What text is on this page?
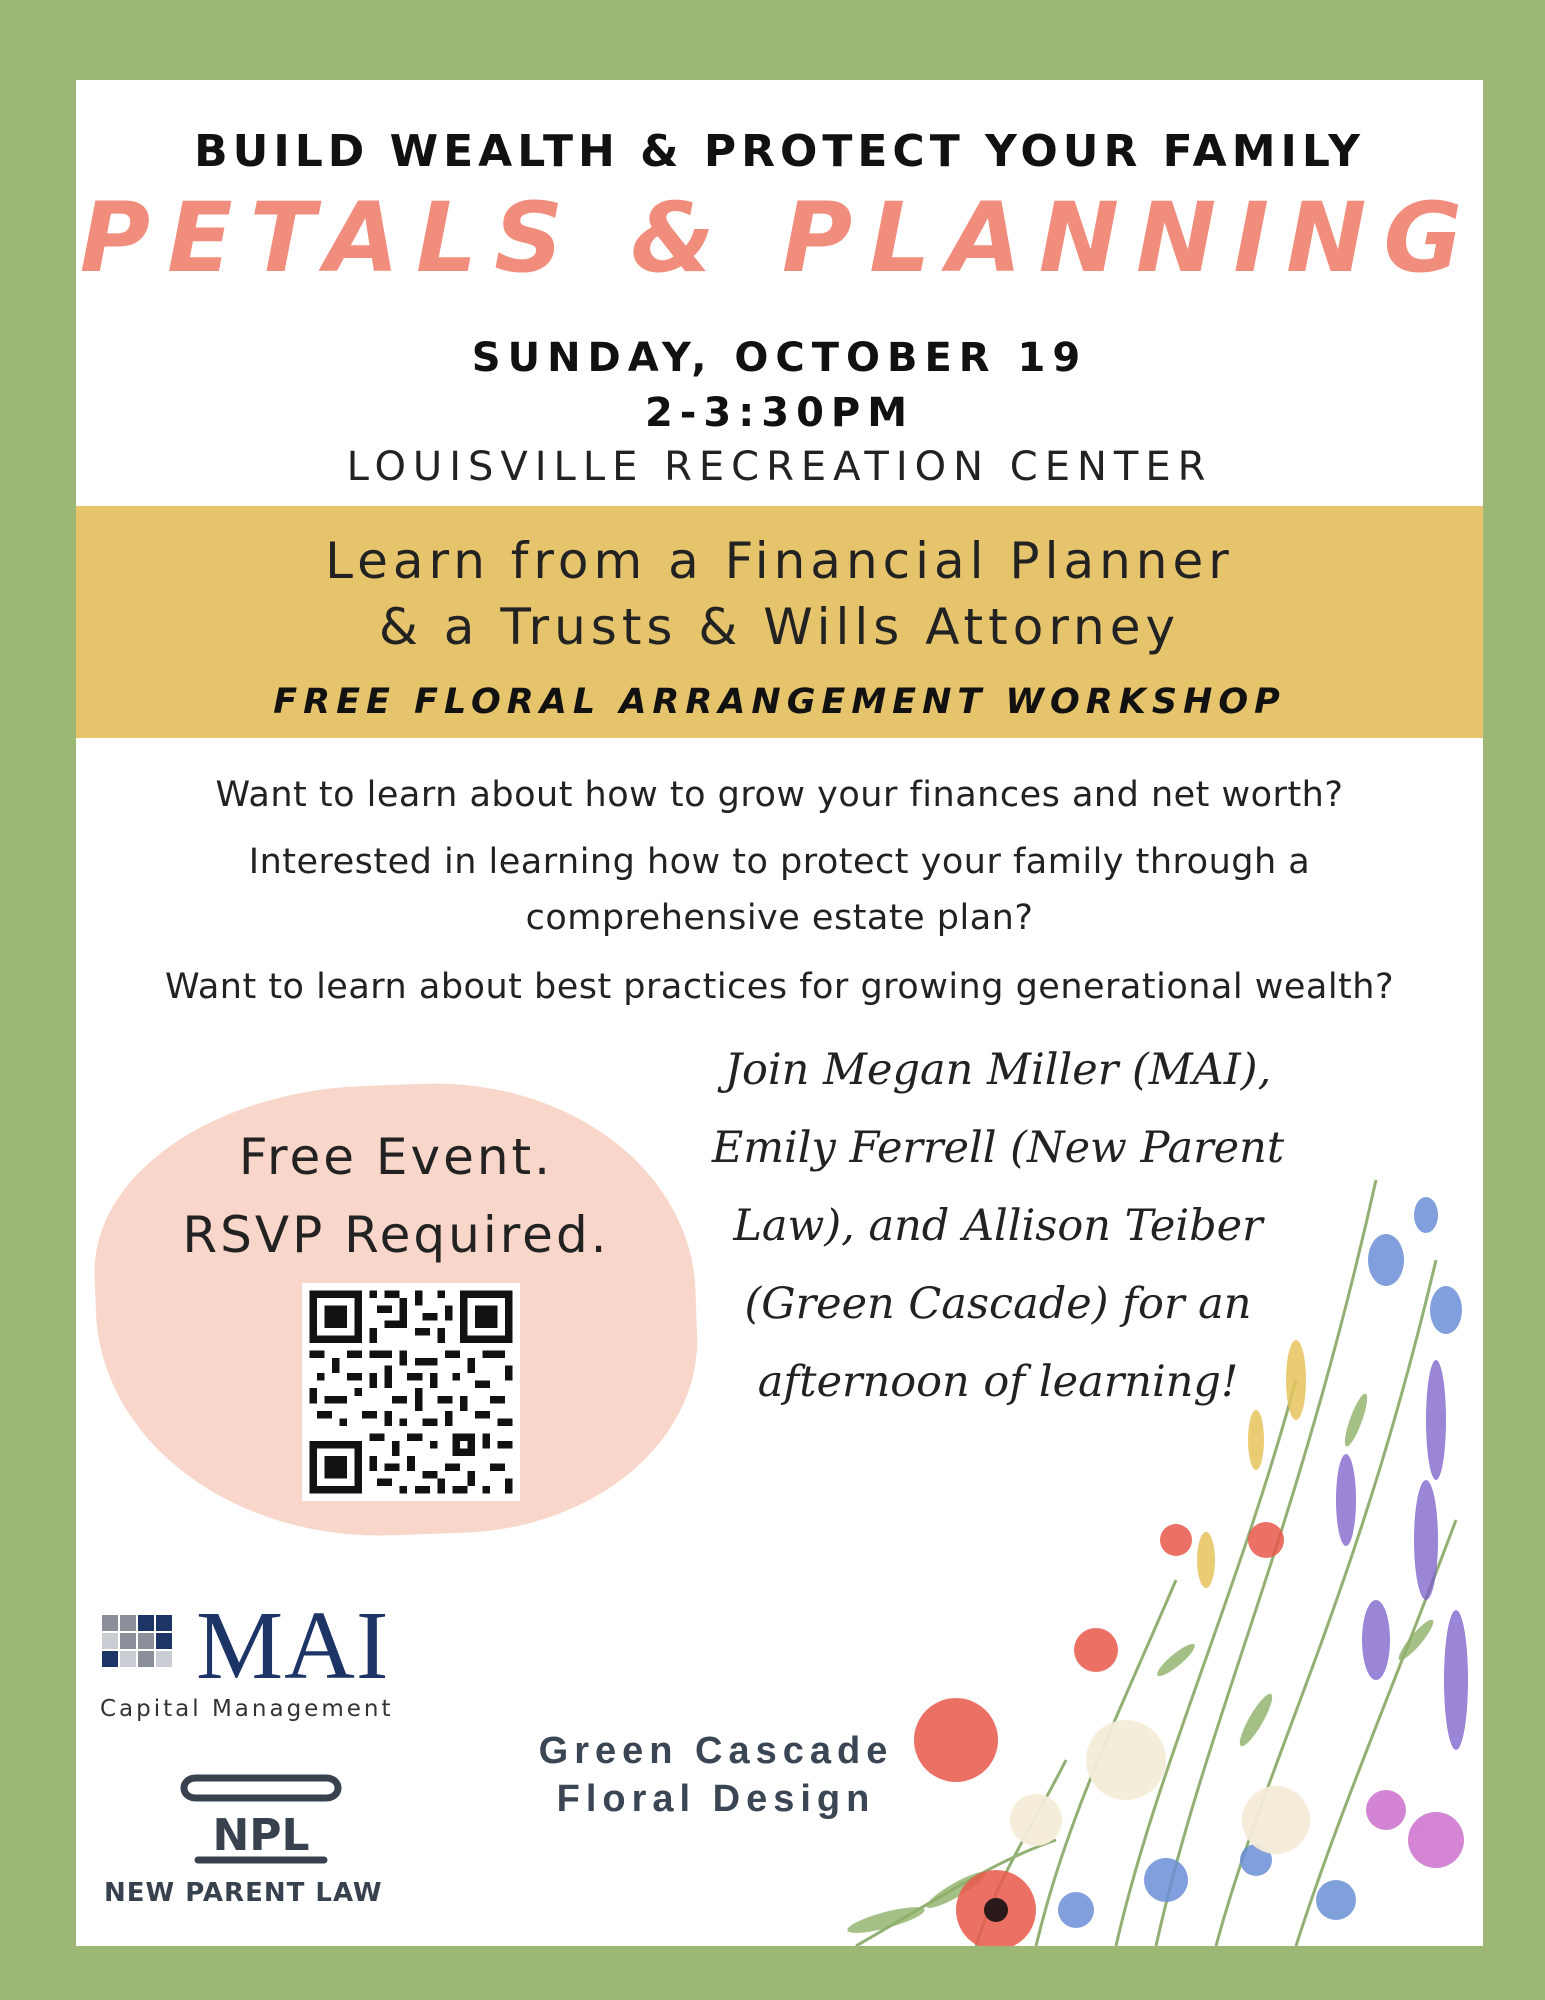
BUILD WEALTH & PROTECT YOUR FAMILY
PETALS & PLANNING
SUNDAY, OCTOBER 19
2-3:30PM
LOUISVILLE RECREATION CENTER
Learn from a Financial Planner
& a Trusts & Wills Attorney
FREE FLORAL ARRANGEMENT WORKSHOP
Want to learn about how to grow your finances and net worth?
Interested in learning how to protect your family through a
comprehensive estate plan?
Want to learn about best practices for growing generational wealth?
Free Event.
RSVP Required.
Join Megan Miller (MAI),
Emily Ferrell (New Parent
Law), and Allison Teiber
(Green Cascade) for an
afternoon of learning!
MAI
Capital Management
NPL
NEW PARENT LAW
Green Cascade
Floral Design
